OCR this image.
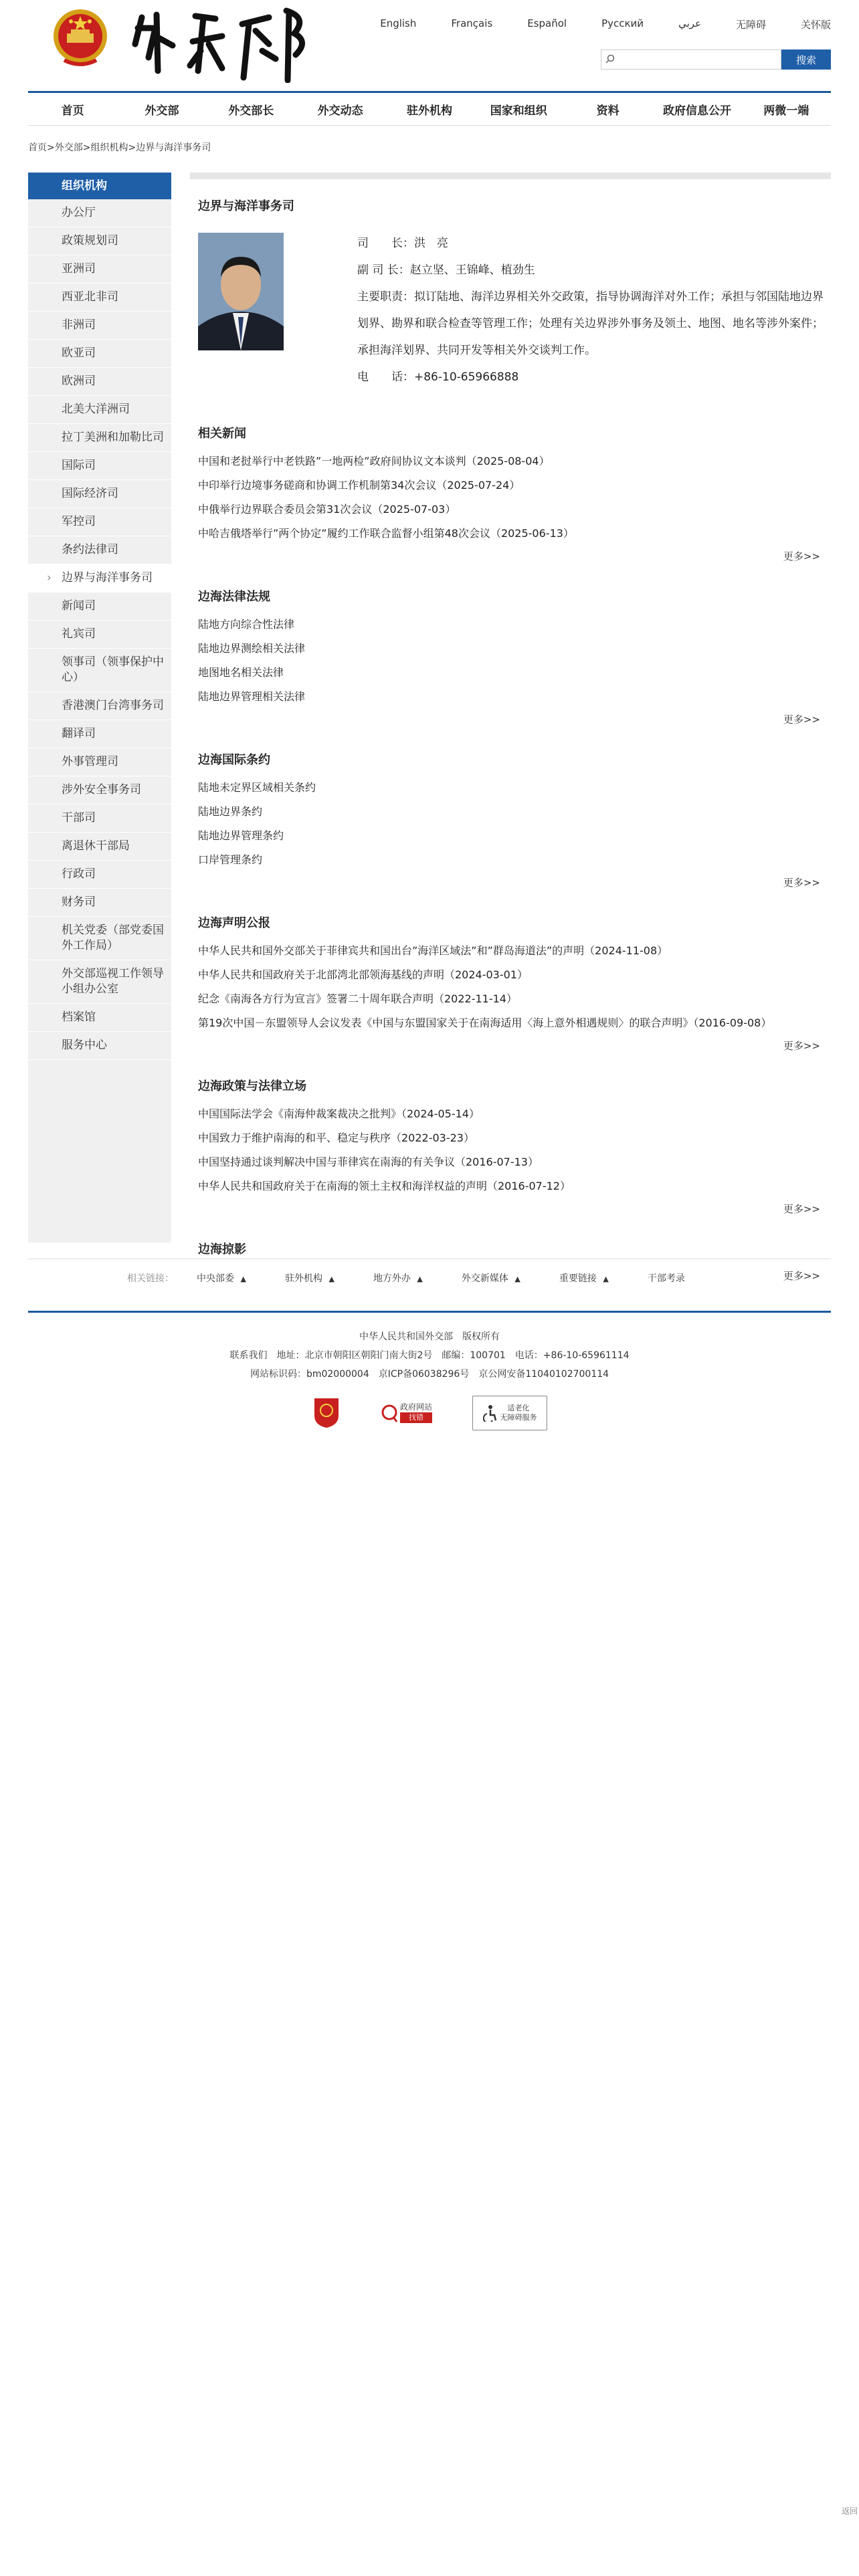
English	Français	Español	Русский	عربي	无障碍	关怀版
搜索
首页	外交部	外交部长	外交动态	驻外机构	国家和组织	资料	政府信息公开	两微一端
首页>外交部>组织机构>边界与海洋事务司
组织机构
办公厅
政策规划司
亚洲司
西亚北非司
非洲司
欧亚司
欧洲司
北美大洋洲司
拉丁美洲和加勒比司
国际司
国际经济司
军控司
条约法律司
› 边界与海洋事务司
新闻司
礼宾司
领事司（领事保护中心）
香港澳门台湾事务司
翻译司
外事管理司
涉外安全事务司
干部司
离退休干部局
行政司
财务司
机关党委（部党委国外工作局）
外交部巡视工作领导小组办公室
档案馆
服务中心
边界与海洋事务司
司　　长：洪　亮
副 司 长：赵立坚、王锦峰、植劲生
主要职责：拟订陆地、海洋边界相关外交政策，指导协调海洋对外工作；承担与邻国陆地边界划界、勘界和联合检查等管理工作；处理有关边界涉外事务及领土、地图、地名等涉外案件；承担海洋划界、共同开发等相关外交谈判工作。
电　　话：+86-10-65966888
相关新闻
中国和老挝举行中老铁路”一地两检”政府间协议文本谈判（2025-08-04）
中印举行边境事务磋商和协调工作机制第34次会议（2025-07-24）
中俄举行边界联合委员会第31次会议（2025-07-03）
中哈吉俄塔举行”两个协定”履约工作联合监督小组第48次会议（2025-06-13）
更多>>
边海法律法规
陆地方向综合性法律
陆地边界测绘相关法律
地图地名相关法律
陆地边界管理相关法律
更多>>
边海国际条约
陆地未定界区域相关条约
陆地边界条约
陆地边界管理条约
口岸管理条约
更多>>
边海声明公报
中华人民共和国外交部关于菲律宾共和国出台”海洋区域法”和”群岛海道法”的声明（2024-11-08）
中华人民共和国政府关于北部湾北部领海基线的声明（2024-03-01）
纪念《南海各方行为宣言》签署二十周年联合声明（2022-11-14）
第19次中国－东盟领导人会议发表《中国与东盟国家关于在南海适用〈海上意外相遇规则〉的联合声明》（2016-09-08）
更多>>
边海政策与法律立场
中国国际法学会《南海仲裁案裁决之批判》（2024-05-14）
中国致力于维护南海的和平、稳定与秩序（2022-03-23）
中国坚持通过谈判解决中国与菲律宾在南海的有关争议（2016-07-13）
中华人民共和国政府关于在南海的领土主权和海洋权益的声明（2016-07-12）
更多>>
边海掠影
更多>>
相关链接： 中央部委 ▲	驻外机构 ▲	地方外办 ▲	外交新媒体 ▲	重要链接 ▲	干部考录
中华人民共和国外交部　版权所有
联系我们　地址：北京市朝阳区朝阳门南大街2号　邮编：100701　电话：+86-10-65961114
网站标识码：bm02000004　京ICP备06038296号　京公网安备11040102700114
政府网站
找错
适老化
无障碍服务
返回
